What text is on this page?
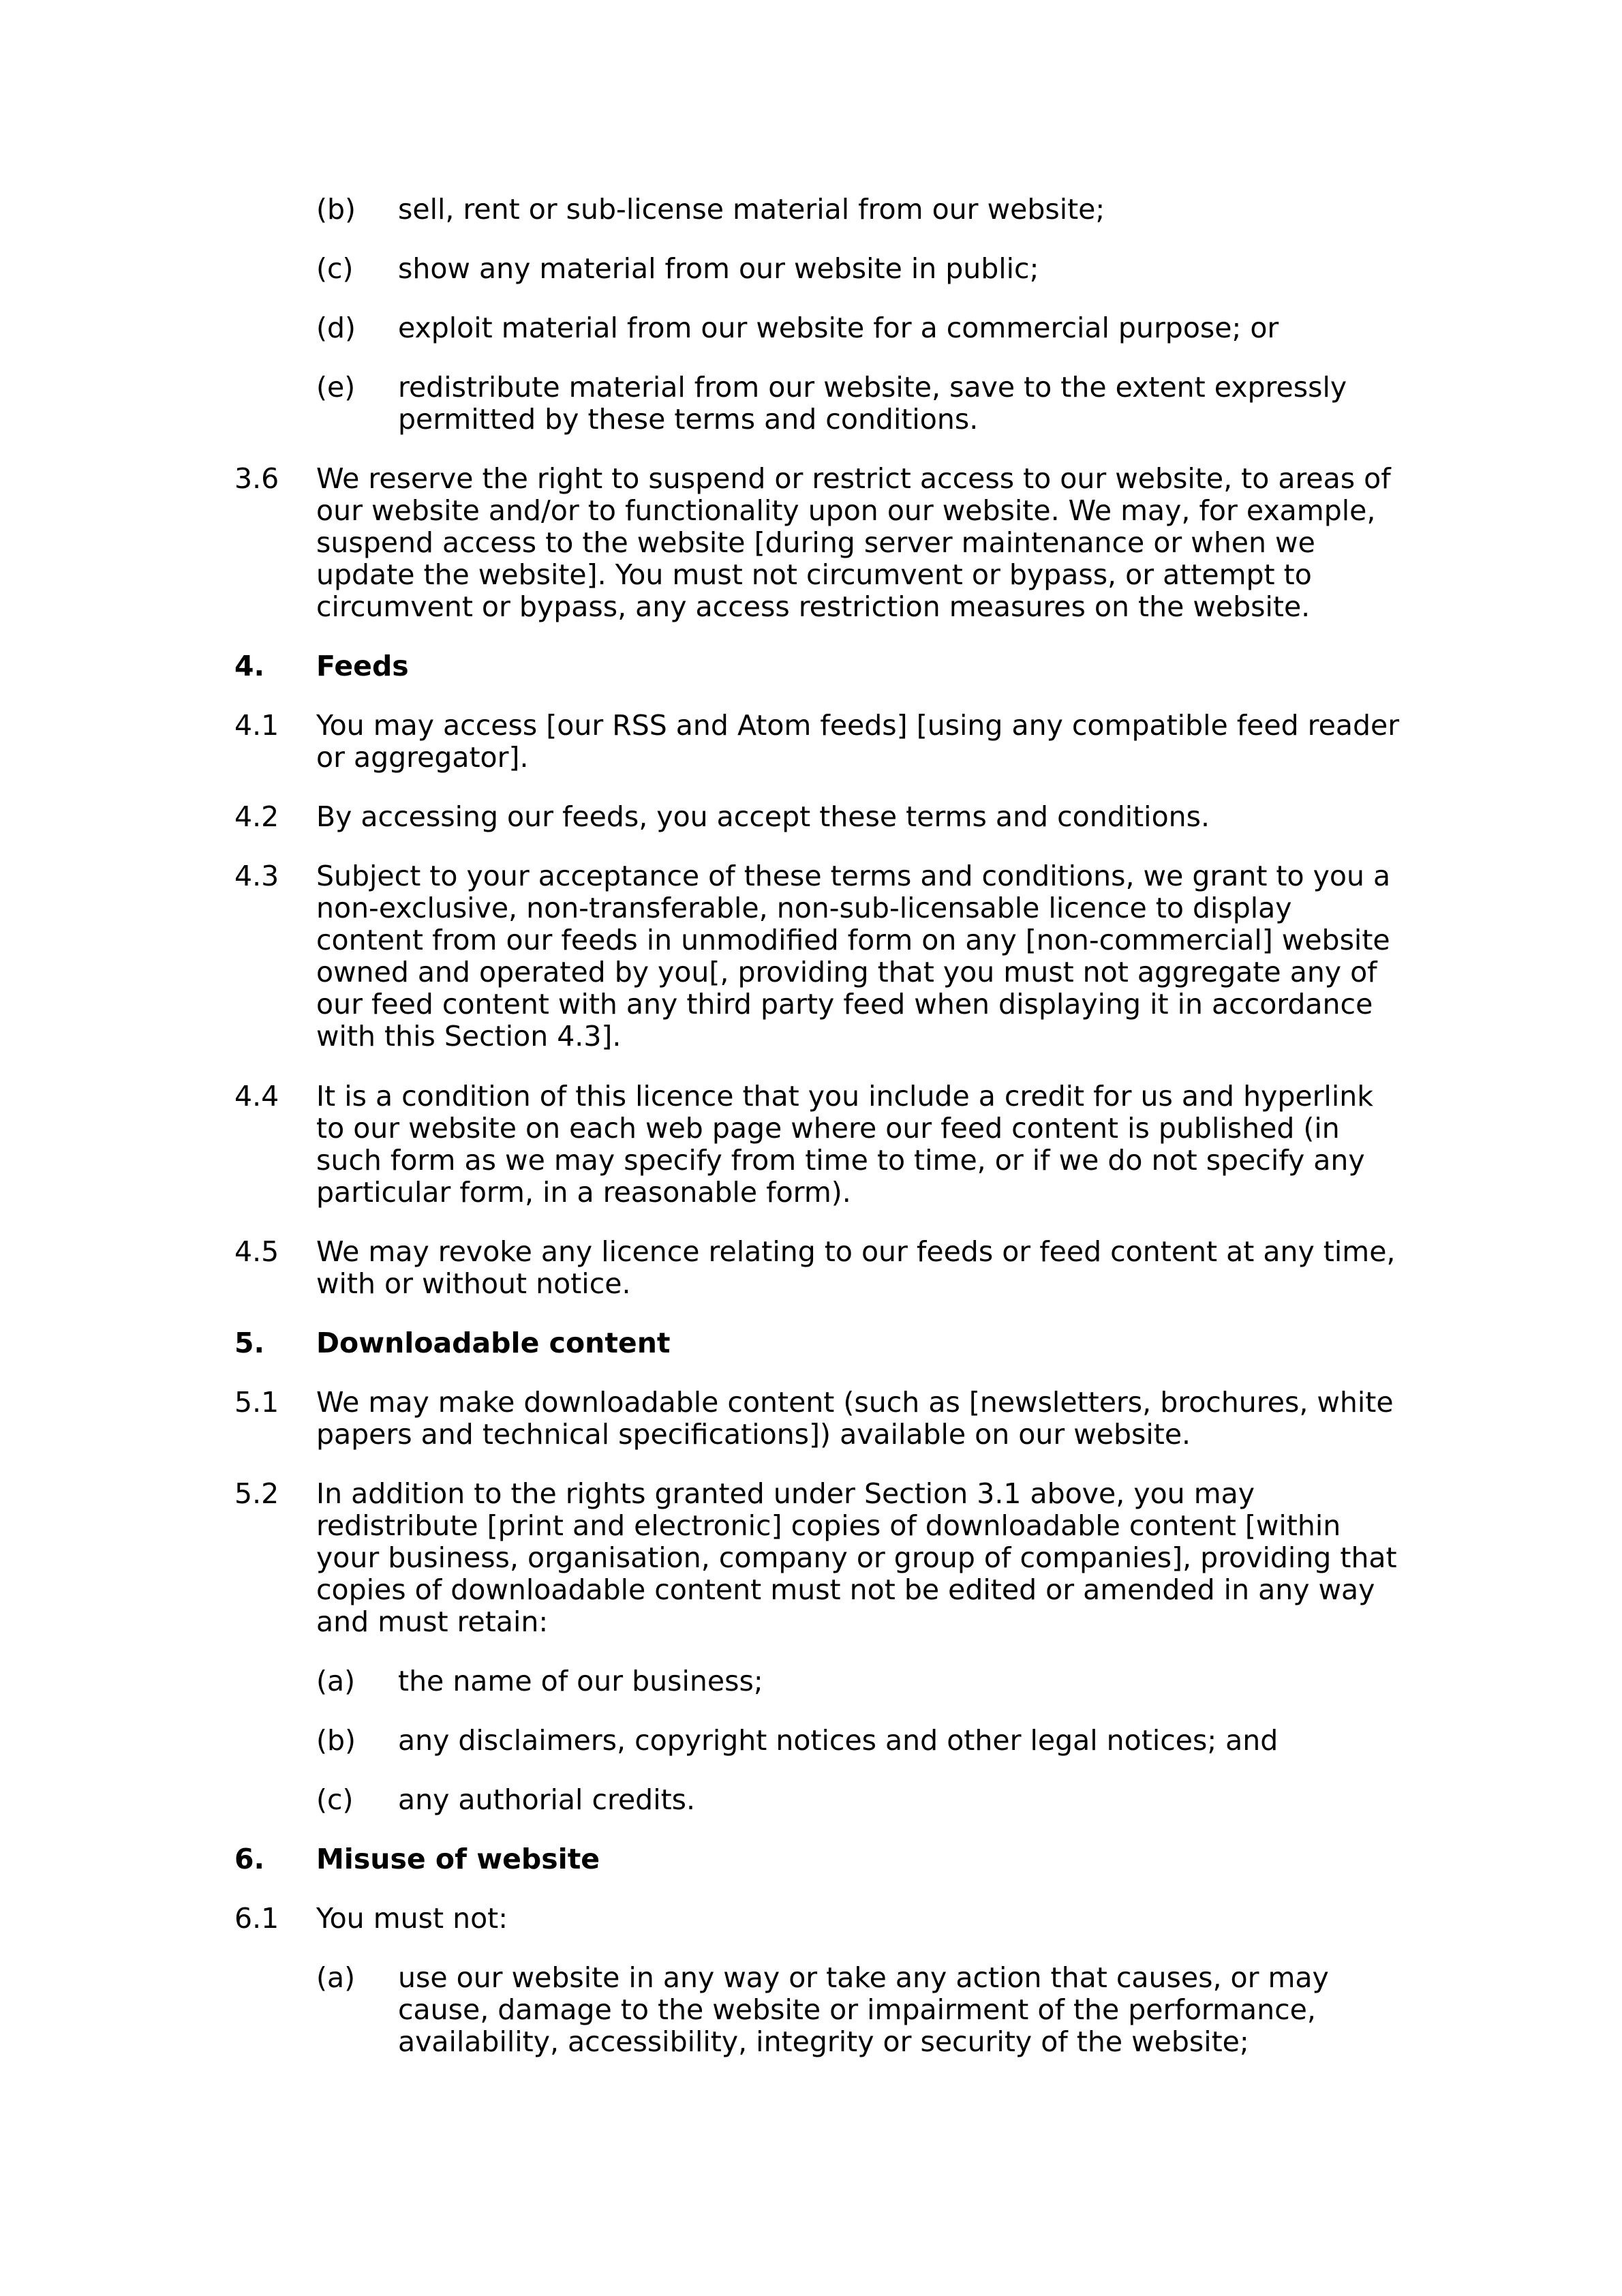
(b) sell, rent or sub-license material from our website;
(c) show any material from our website in public;
(d) exploit material from our website for a commercial purpose; or
(e) redistribute material from our website, save to the extent expressly permitted by these terms and conditions.
3.6 We reserve the right to suspend or restrict access to our website, to areas of our website and/or to functionality upon our website. We may, for example, suspend access to the website [during server maintenance or when we update the website]. You must not circumvent or bypass, or attempt to circumvent or bypass, any access restriction measures on the website.
4. Feeds
4.1 You may access [our RSS and Atom feeds] [using any compatible feed reader or aggregator].
4.2 By accessing our feeds, you accept these terms and conditions.
4.3 Subject to your acceptance of these terms and conditions, we grant to you a non-exclusive, non-transferable, non-sub-licensable licence to display content from our feeds in unmodified form on any [non-commercial] website owned and operated by you[, providing that you must not aggregate any of our feed content with any third party feed when displaying it in accordance with this Section 4.3].
4.4 It is a condition of this licence that you include a credit for us and hyperlink to our website on each web page where our feed content is published (in such form as we may specify from time to time, or if we do not specify any particular form, in a reasonable form).
4.5 We may revoke any licence relating to our feeds or feed content at any time, with or without notice.
5. Downloadable content
5.1 We may make downloadable content (such as [newsletters, brochures, white papers and technical specifications]) available on our website.
5.2 In addition to the rights granted under Section 3.1 above, you may redistribute [print and electronic] copies of downloadable content [within your business, organisation, company or group of companies], providing that copies of downloadable content must not be edited or amended in any way and must retain:
(a) the name of our business;
(b) any disclaimers, copyright notices and other legal notices; and
(c) any authorial credits.
6. Misuse of website
6.1 You must not:
(a) use our website in any way or take any action that causes, or may cause, damage to the website or impairment of the performance, availability, accessibility, integrity or security of the website;
